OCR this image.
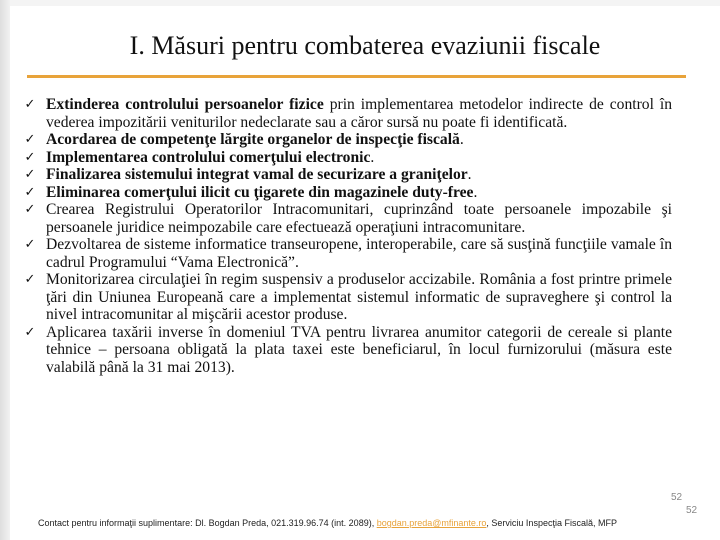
I. Măsuri pentru combaterea evaziunii fiscale
✓ Extinderea controlului persoanelor fizice prin implementarea metodelor indirecte de control în vederea impozitării veniturilor nedeclarate sau a căror sursă nu poate fi identificată.
✓ Acordarea de competenţe lărgite organelor de inspecţie fiscală.
✓ Implementarea controlului comerţului electronic.
✓ Finalizarea sistemului integrat vamal de securizare a graniţelor.
✓ Eliminarea comerţului ilicit cu ţigarete din magazinele duty-free.
✓ Crearea Registrului Operatorilor Intracomunitari, cuprinzând toate persoanele impozabile şi persoanele juridice neimpozabile care efectuează operaţiuni intracomunitare.
✓ Dezvoltarea de sisteme informatice transeuropene, interoperabile, care să susţină funcţiile vamale în cadrul Programului “Vama Electronică”.
✓ Monitorizarea circulaţiei în regim suspensiv a produselor accizabile. România a fost printre primele ţări din Uniunea Europeană care a implementat sistemul informatic de supraveghere şi control la nivel intracomunitar al mişcării acestor produse.
✓ Aplicarea taxării inverse în domeniul TVA pentru livrarea anumitor categorii de cereale si plante tehnice – persoana obligată la plata taxei este beneficiarul, în locul furnizorului (măsura este valabilă până la 31 mai 2013).
52
52
Contact pentru informaţii suplimentare: Dl. Bogdan Preda, 021.319.96.74 (int. 2089), bogdan.preda@mfinante.ro, Serviciu Inspecţia Fiscală, MFP
